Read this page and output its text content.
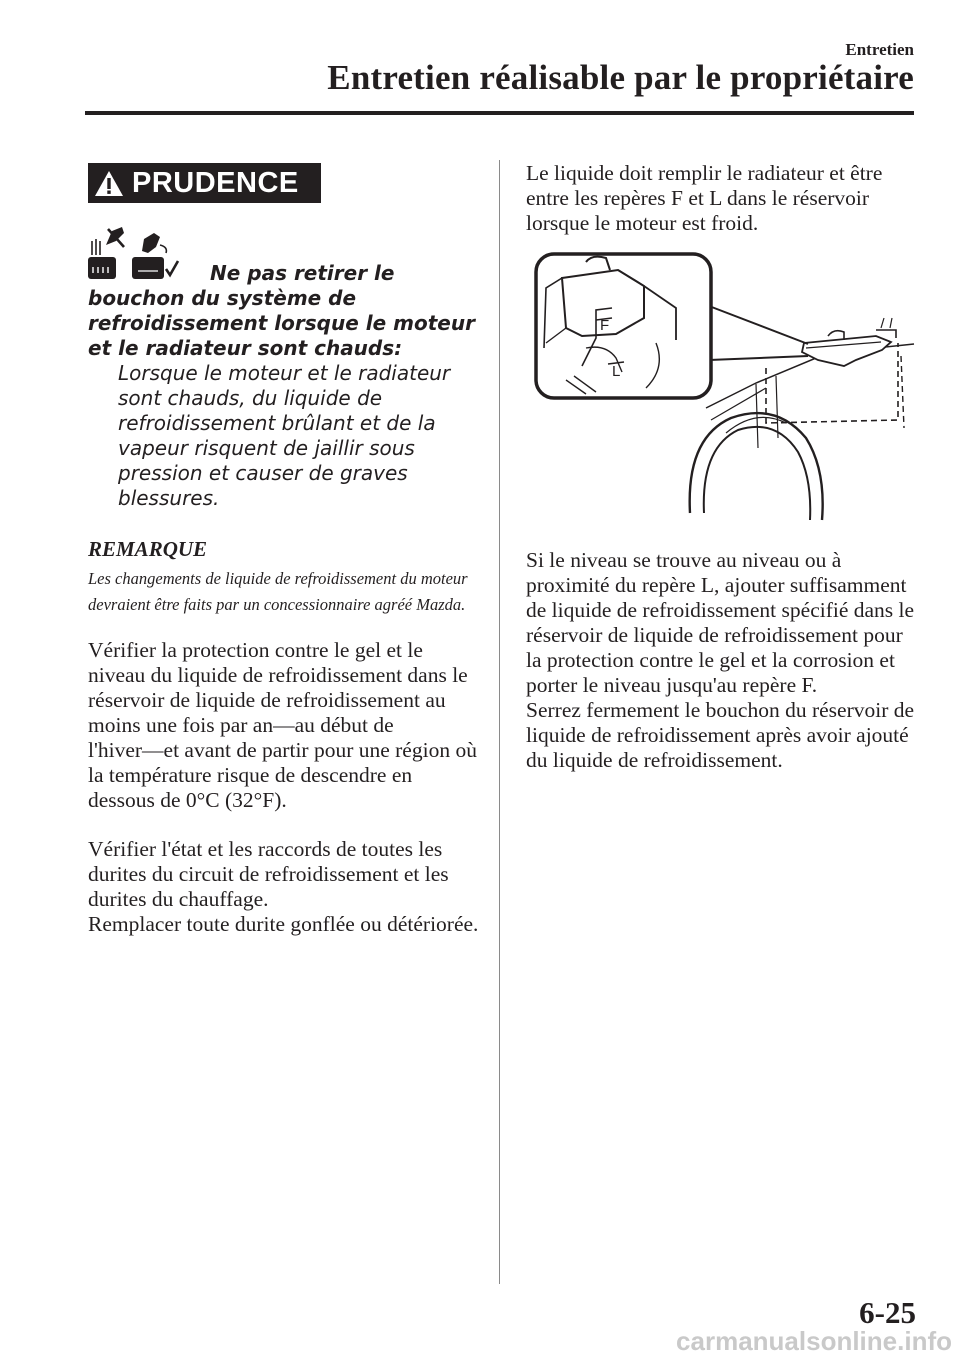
Entretien
Entretien réalisable par le propriétaire
PRUDENCE
Ne pas retirer le bouchon du système de refroidissement lorsque le moteur et le radiateur sont chauds:
Lorsque le moteur et le radiateur sont chauds, du liquide de refroidissement brûlant et de la vapeur risquent de jaillir sous pression et causer de graves blessures.
REMARQUE
Les changements de liquide de refroidissement du moteur devraient être faits par un concessionnaire agréé Mazda.

Vérifier la protection contre le gel et le niveau du liquide de refroidissement dans le réservoir de liquide de refroidissement au moins une fois par an―au début de l'hiver―et avant de partir pour une région où la température risque de descendre en dessous de 0°C (32°F).

Vérifier l'état et les raccords de toutes les durites du circuit de refroidissement et les durites du chauffage.
Remplacer toute durite gonflée ou détériorée.

Le liquide doit remplir le radiateur et être entre les repères F et L dans le réservoir lorsque le moteur est froid.

F
L

Si le niveau se trouve au niveau ou à proximité du repère L, ajouter suffisamment de liquide de refroidissement spécifié dans le réservoir de liquide de refroidissement pour la protection contre le gel et la corrosion et porter le niveau jusqu'au repère F.
Serrez fermement le bouchon du réservoir de liquide de refroidissement après avoir ajouté du liquide de refroidissement.

6-25
carmanualsonline.info
